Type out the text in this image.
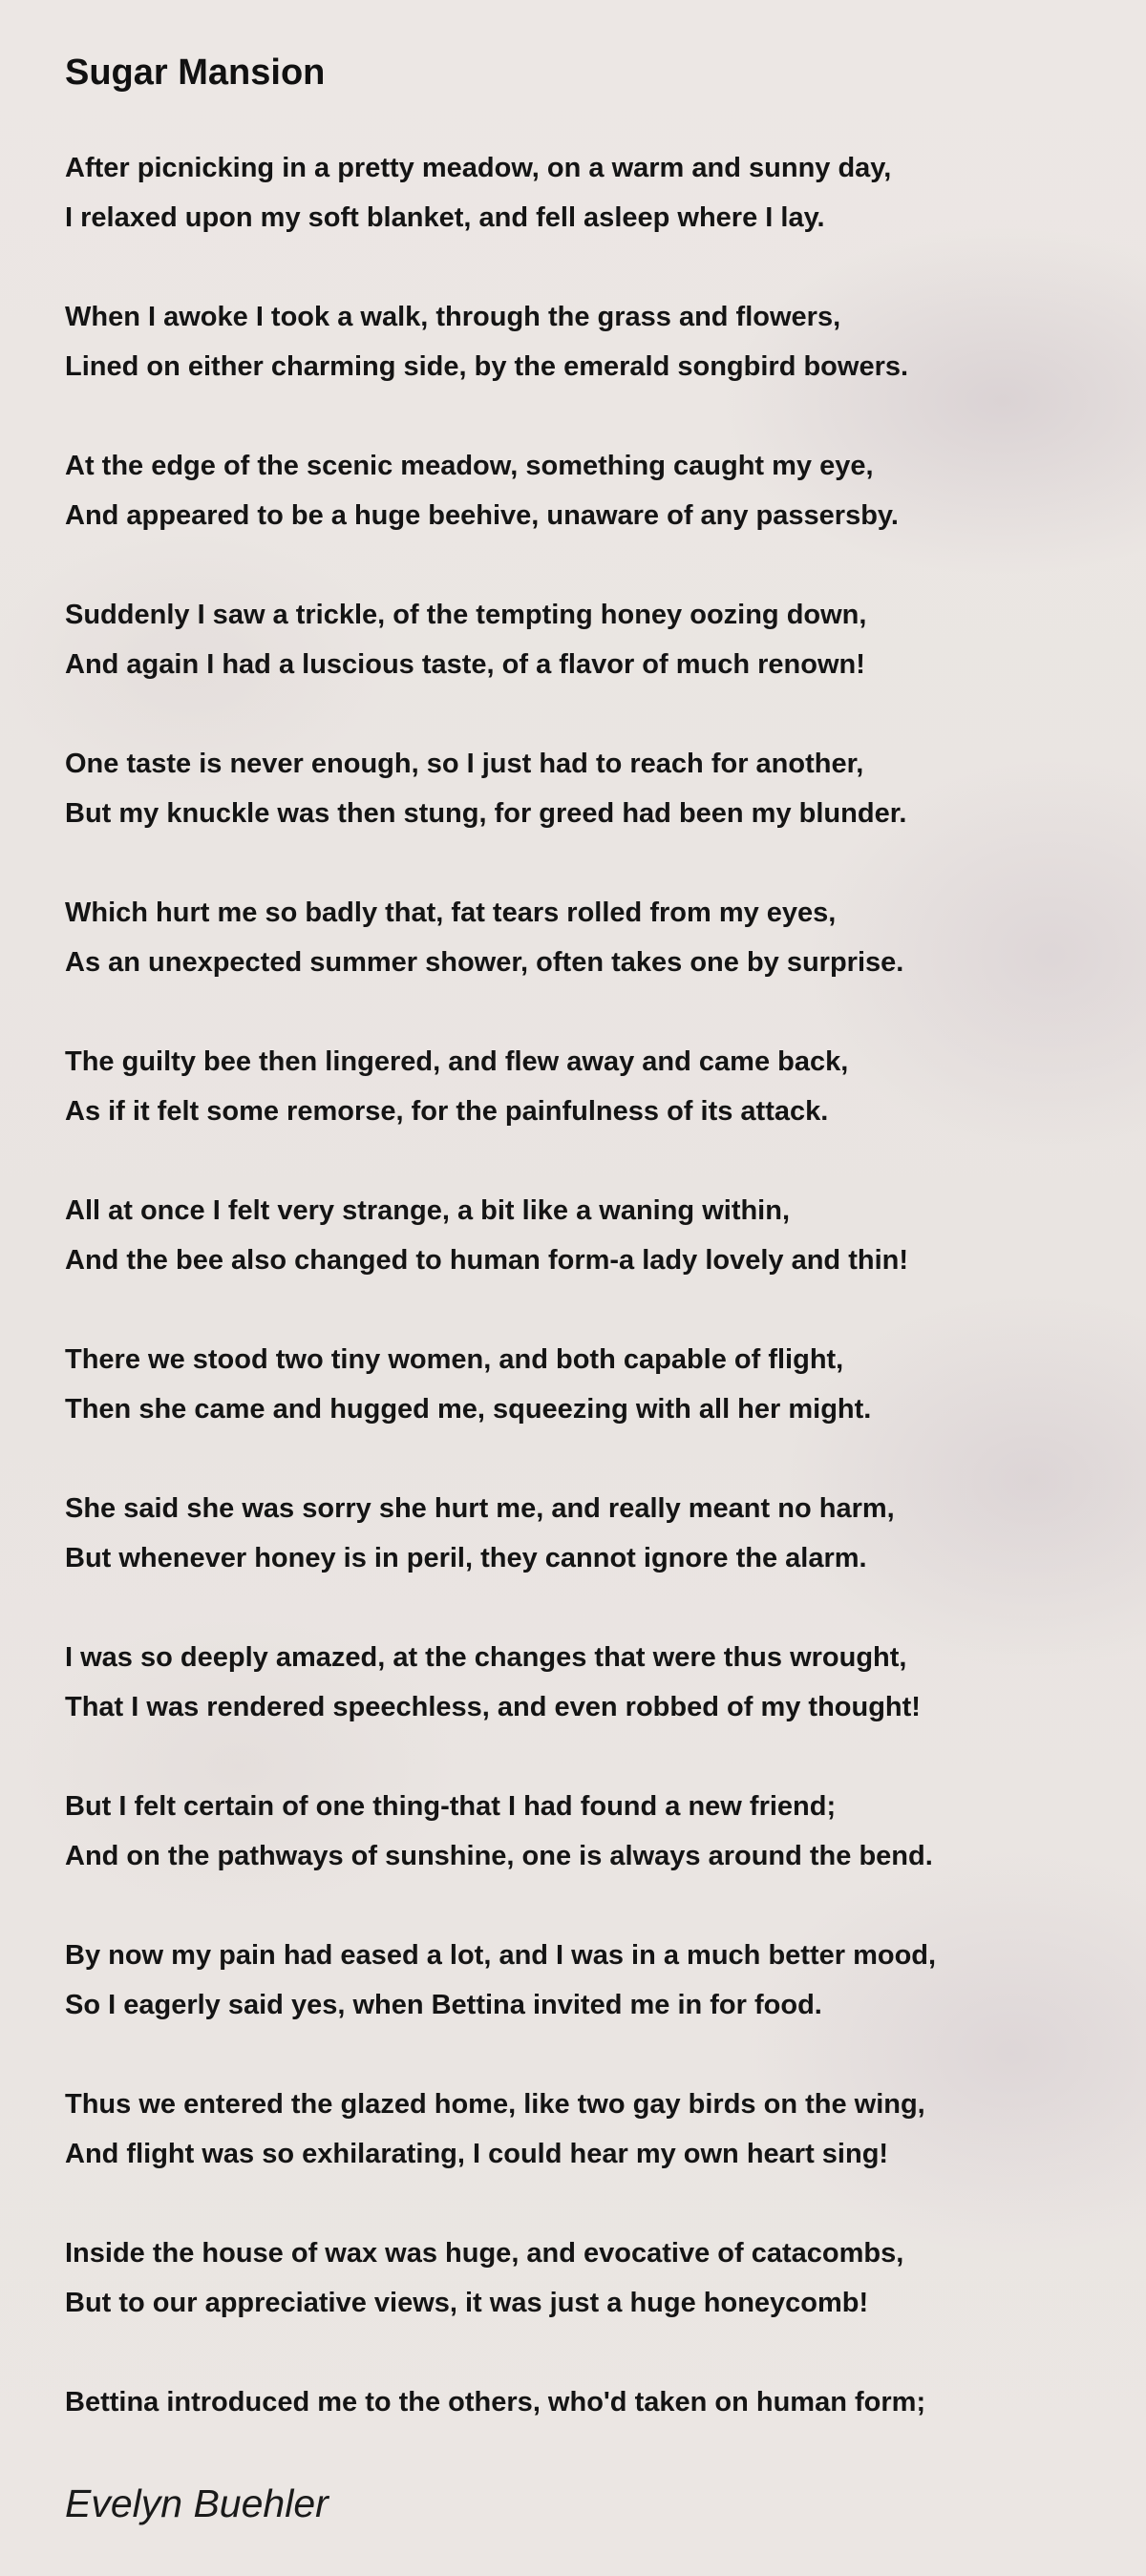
Sugar Mansion

After picnicking in a pretty meadow, on a warm and sunny day,
I relaxed upon my soft blanket, and fell asleep where I lay.

When I awoke I took a walk, through the grass and flowers,
Lined on either charming side, by the emerald songbird bowers.

At the edge of the scenic meadow, something caught my eye,
And appeared to be a huge beehive, unaware of any passersby.

Suddenly I saw a trickle, of the tempting honey oozing down,
And again I had a luscious taste, of a flavor of much renown!

One taste is never enough, so I just had to reach for another,
But my knuckle was then stung, for greed had been my blunder.

Which hurt me so badly that, fat tears rolled from my eyes,
As an unexpected summer shower, often takes one by surprise.

The guilty bee then lingered, and flew away and came back,
As if it felt some remorse, for the painfulness of its attack.

All at once I felt very strange, a bit like a waning within,
And the bee also changed to human form-a lady lovely and thin!

There we stood two tiny women, and both capable of flight,
Then she came and hugged me, squeezing with all her might.

She said she was sorry she hurt me, and really meant no harm,
But whenever honey is in peril, they cannot ignore the alarm.

I was so deeply amazed, at the changes that were thus wrought,
That I was rendered speechless, and even robbed of my thought!

But I felt certain of one thing-that I had found a new friend;
And on the pathways of sunshine, one is always around the bend.

By now my pain had eased a lot, and I was in a much better mood,
So I eagerly said yes, when Bettina invited me in for food.

Thus we entered the glazed home, like two gay birds on the wing,
And flight was so exhilarating, I could hear my own heart sing!

Inside the house of wax was huge, and evocative of catacombs,
But to our appreciative views, it was just a huge honeycomb!

Bettina introduced me to the others, who'd taken on human form;

Evelyn Buehler
